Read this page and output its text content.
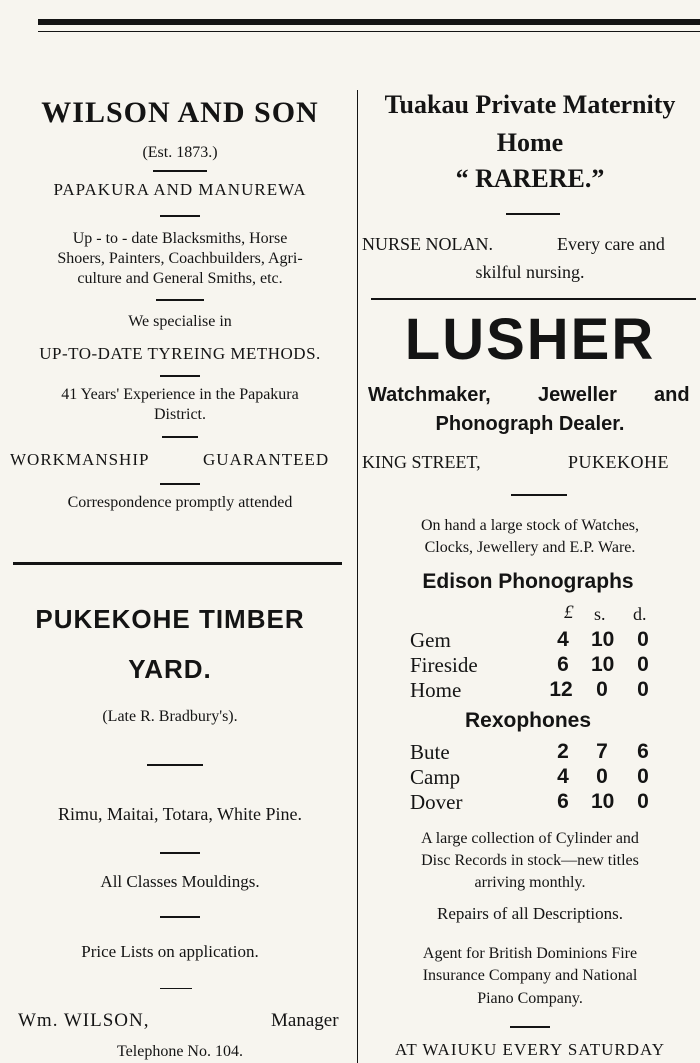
WILSON AND SON
(Est. 1873.)
PAPAKURA AND MANUREWA
Up - to - date Blacksmiths, Horse
Shoers, Painters, Coachbuilders, Agri-
culture and General Smiths, etc.
We specialise in
UP-TO-DATE TYREING METHODS.
41 Years' Experience in the Papakura
District.
WORKMANSHIP	GUARANTEED
Correspondence promptly attended
PUKEKOHE TIMBER
YARD.
(Late R. Bradbury's).
Rimu, Maitai, Totara, White Pine.
All Classes Mouldings.
Price Lists on application.
Wm. WILSON,	Manager
Telephone No. 104.
Tuakau Private Maternity
Home
“ RARERE.”
NURSE NOLAN.	Every care and
skilful nursing.
LUSHER
Watchmaker, Jeweller and
Phonograph Dealer.
KING STREET,	PUKEKOHE
On hand a large stock of Watches,
Clocks, Jewellery and E.P. Ware.
Edison Phonographs
£ s. d.
Gem	4 10 0
Fireside	6 10 0
Home	12 0 0
Rexophones
Bute	2 7 6
Camp	4 0 0
Dover	6 10 0
A large collection of Cylinder and
Disc Records in stock—new titles
arriving monthly.
Repairs of all Descriptions.
Agent for British Dominions Fire
Insurance Company and National
Piano Company.
AT WAIUKU EVERY SATURDAY
